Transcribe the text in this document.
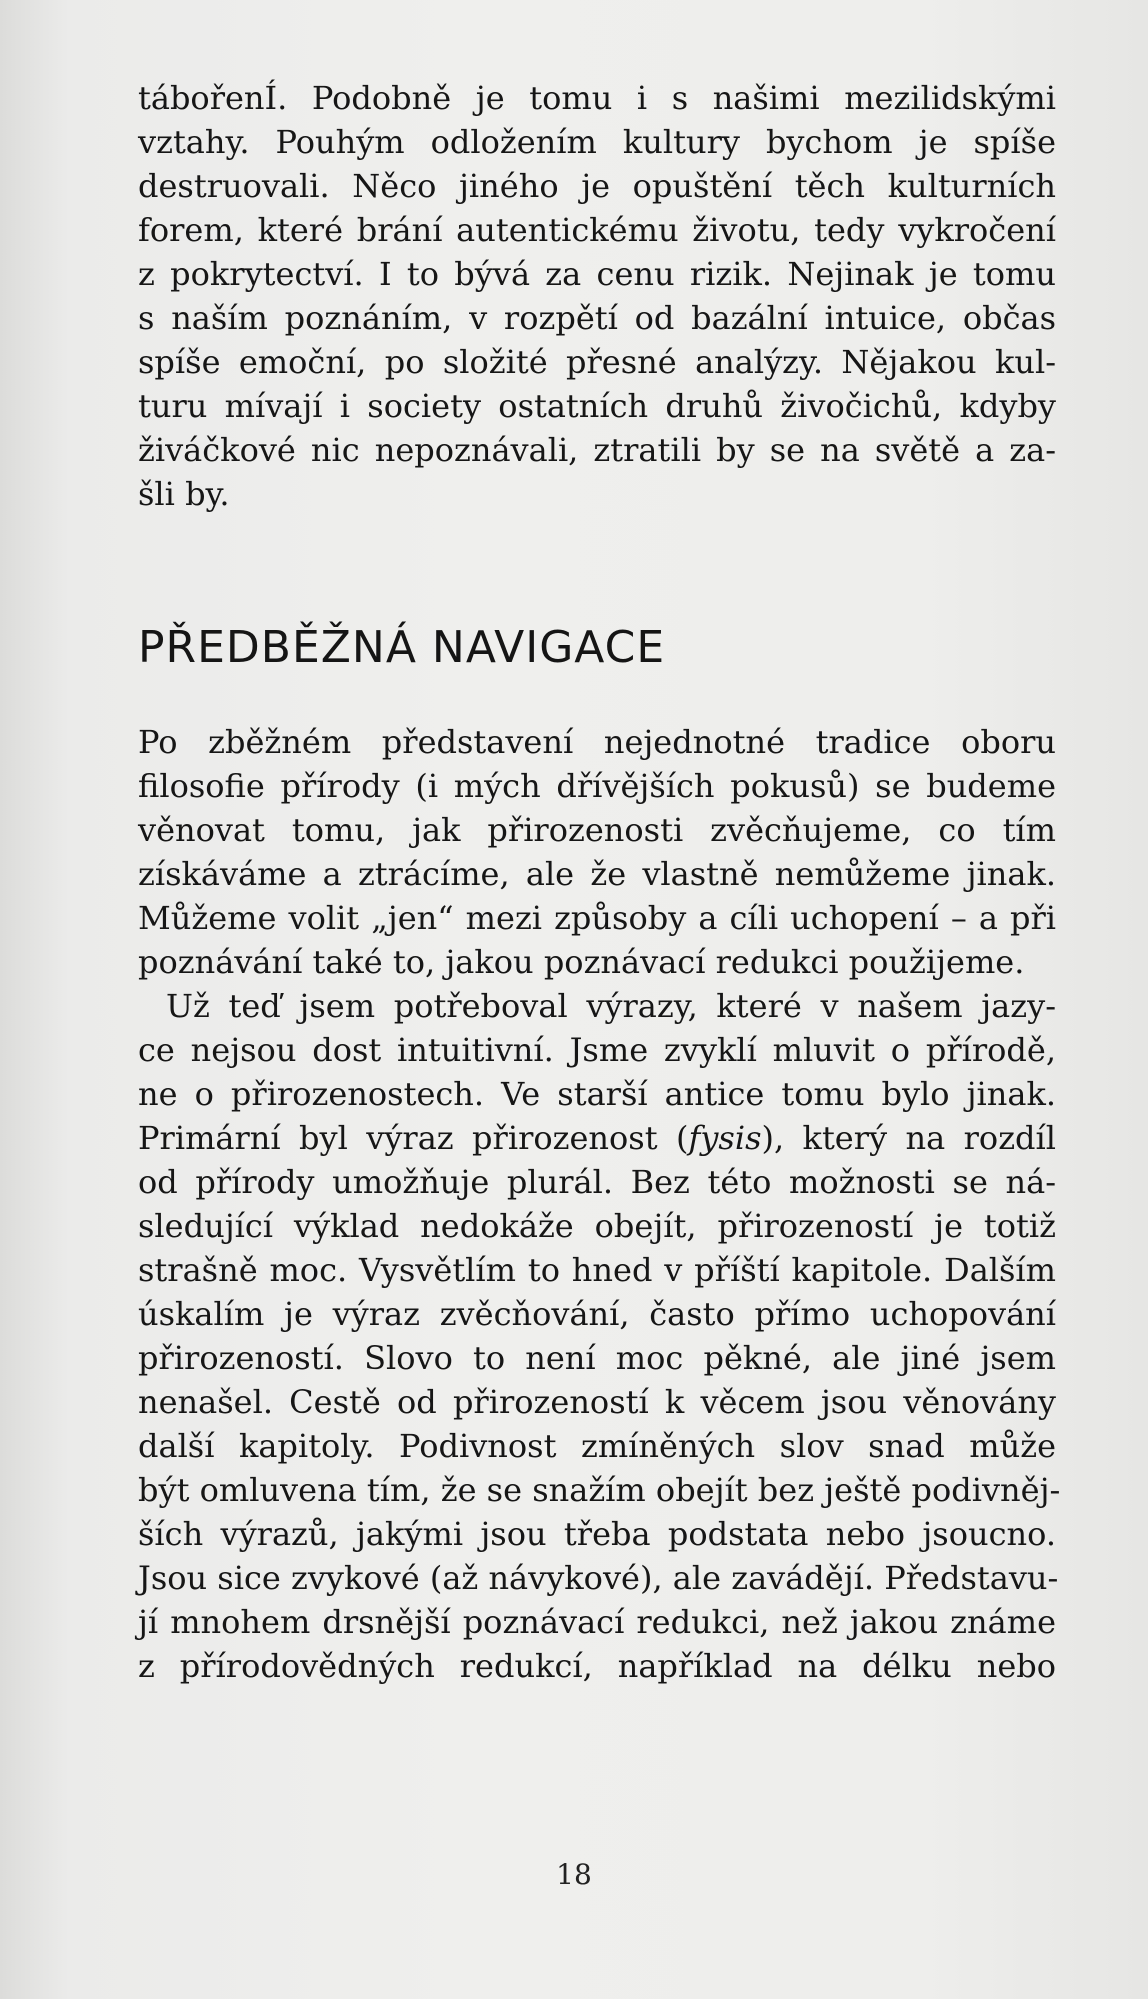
tábořenÍ. Podobně je tomu i s našimi mezilidskými
vztahy. Pouhým odložením kultury bychom je spíše
destruovali. Něco jiného je opuštění těch kulturních
forem, které brání autentickému životu, tedy vykročení
z pokrytectví. I to bývá za cenu rizik. Nejinak je tomu
s naším poznáním, v rozpětí od bazální intuice, občas
spíše emoční, po složité přesné analýzy. Nějakou kul-
turu mívají i society ostatních druhů živočichů, kdyby
živáčkové nic nepoznávali, ztratili by se na světě a za-
šli by.
PŘEDBĚŽNÁ NAVIGACE
Po zběžném představení nejednotné tradice oboru
filosofie přírody (i mých dřívějších pokusů) se budeme
věnovat tomu, jak přirozenosti zvěcňujeme, co tím
získáváme a ztrácíme, ale že vlastně nemůžeme jinak.
Můžeme volit „jen“ mezi způsoby a cíli uchopení – a při
poznávání také to, jakou poznávací redukci použijeme.
Už teď jsem potřeboval výrazy, které v našem jazy-
ce nejsou dost intuitivní. Jsme zvyklí mluvit o přírodě,
ne o přirozenostech. Ve starší antice tomu bylo jinak.
Primární byl výraz přirozenost (fysis), který na rozdíl
od přírody umožňuje plurál. Bez této možnosti se ná-
sledující výklad nedokáže obejít, přirozeností je totiž
strašně moc. Vysvětlím to hned v příští kapitole. Dalším
úskalím je výraz zvěcňování, často přímo uchopování
přirozeností. Slovo to není moc pěkné, ale jiné jsem
nenašel. Cestě od přirozeností k věcem jsou věnovány
další kapitoly. Podivnost zmíněných slov snad může
být omluvena tím, že se snažím obejít bez ještě podivněj-
ších výrazů, jakými jsou třeba podstata nebo jsoucno.
Jsou sice zvykové (až návykové), ale zavádějí. Představu-
jí mnohem drsnější poznávací redukci, než jakou známe
z přírodovědných redukcí, například na délku nebo
18
